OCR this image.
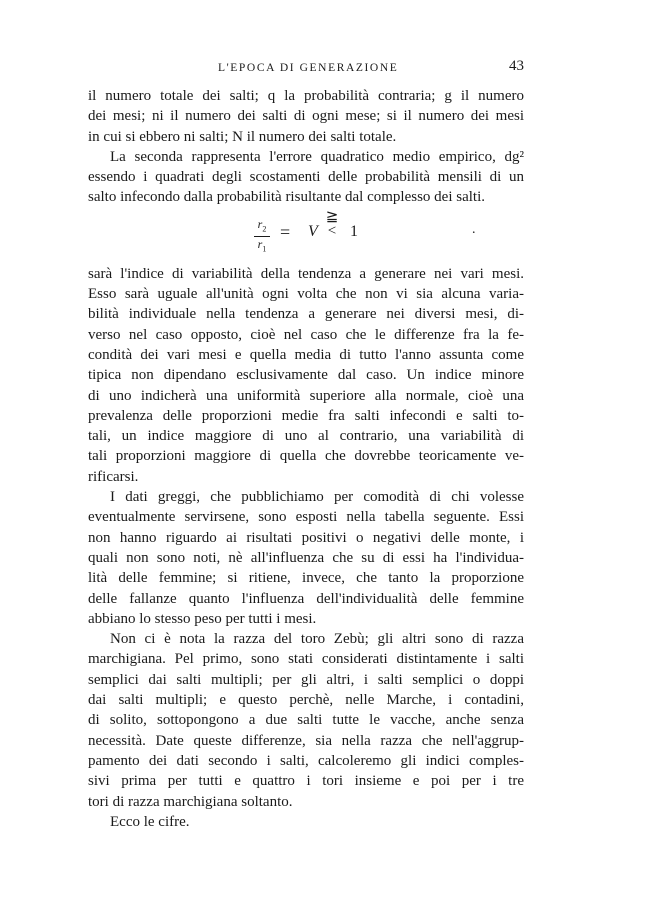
L'EPOCA DI GENERAZIONE	43
il numero totale dei salti; q la probabilità contraria; g il numero
dei mesi; ni il numero dei salti di ogni mese; si il numero dei mesi
in cui si ebbero ni salti; N il numero dei salti totale.
La seconda rappresenta l'errore quadratico medio empirico, dg²
essendo i quadrati degli scostamenti delle probabilità mensili di un
salto infecondo dalla probabilità risultante dal complesso dei salti.
$r_2$
$r_1$
= V
≧
< 1	.
sarà l'indice di variabilità della tendenza a generare nei vari mesi.
Esso sarà uguale all'unità ogni volta che non vi sia alcuna varia-
bilità individuale nella tendenza a generare nei diversi mesi, di-
verso nel caso opposto, cioè nel caso che le differenze fra la fe-
condità dei vari mesi e quella media di tutto l'anno assunta come
tipica non dipendano esclusivamente dal caso. Un indice minore
di uno indicherà una uniformità superiore alla normale, cioè una
prevalenza delle proporzioni medie fra salti infecondi e salti to-
tali, un indice maggiore di uno al contrario, una variabilità di
tali proporzioni maggiore di quella che dovrebbe teoricamente ve-
rificarsi.
I dati greggi, che pubblichiamo per comodità di chi volesse
eventualmente servirsene, sono esposti nella tabella seguente. Essi
non hanno riguardo ai risultati positivi o negativi delle monte, i
quali non sono noti, nè all'influenza che su di essi ha l'individua-
lità delle femmine; si ritiene, invece, che tanto la proporzione
delle fallanze quanto l'influenza dell'individualità delle femmine
abbiano lo stesso peso per tutti i mesi.
Non ci è nota la razza del toro Zebù; gli altri sono di razza
marchigiana. Pel primo, sono stati considerati distintamente i salti
semplici dai salti multipli; per gli altri, i salti semplici o doppi
dai salti multipli; e questo perchè, nelle Marche, i contadini,
di solito, sottopongono a due salti tutte le vacche, anche senza
necessità. Date queste differenze, sia nella razza che nell'aggrup-
pamento dei dati secondo i salti, calcoleremo gli indici comples-
sivi prima per tutti e quattro i tori insieme e poi per i tre
tori di razza marchigiana soltanto.
Ecco le cifre.
